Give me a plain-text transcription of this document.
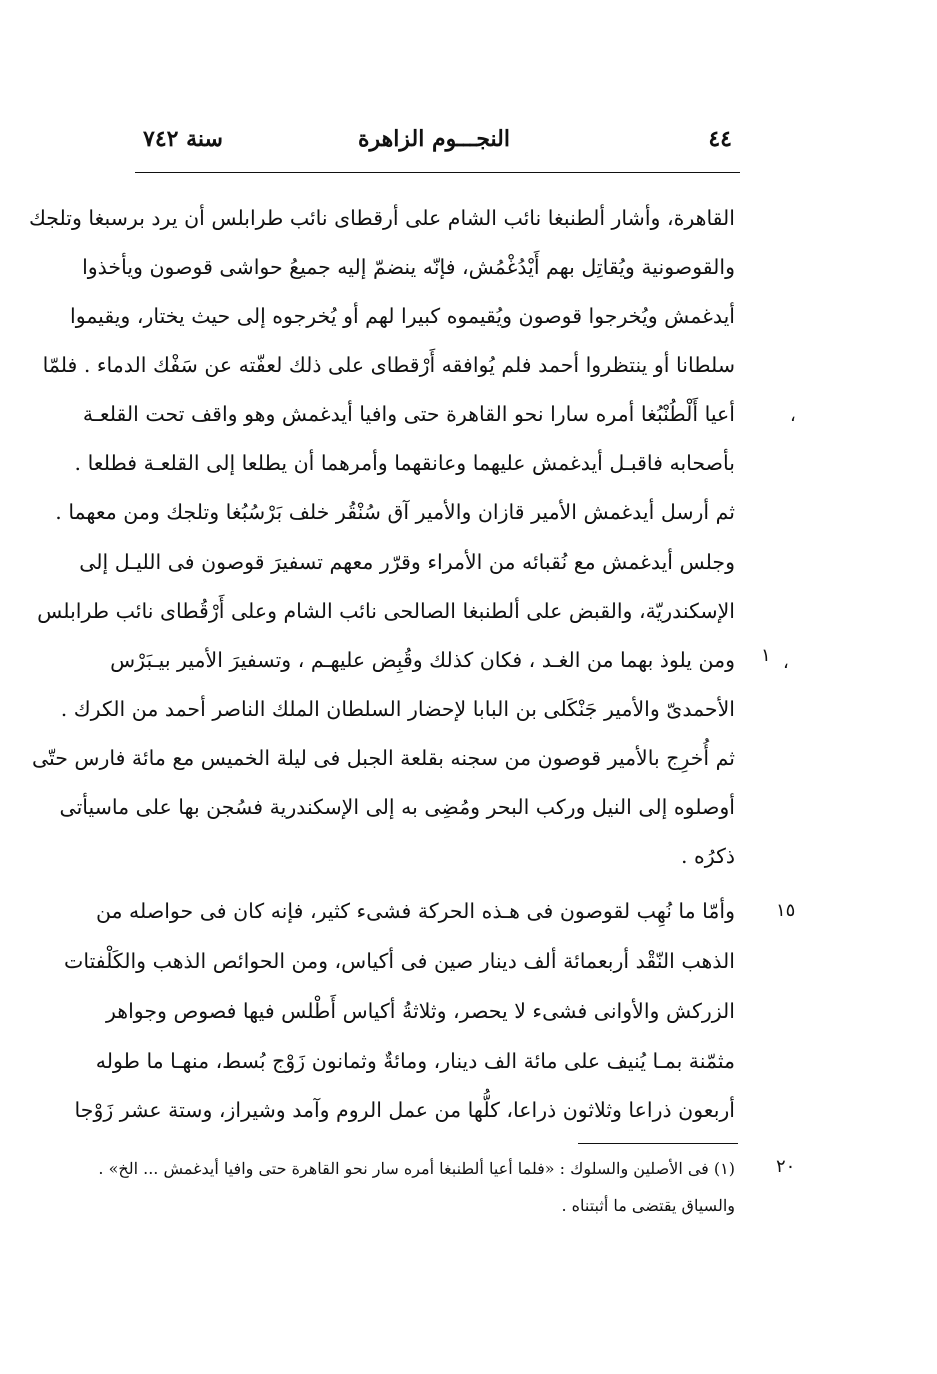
٤٤
النجـــوم الزاهرة
سنة ٧٤٢
القاهرة، وأشار ألطنبغا نائب الشام على أرقطاى نائب طرابلس أن يرد برسبغا وتلجك
والقوصونية ويُقاتِل بهم أَيْدُغْمُش، فإنّه ينضمّ إليه جميعُ حواشى قوصون ويأخذوا
أيدغمش ويُخرجوا قوصون ويُقيموه كبيرا لهم أو يُخرجوه إلى حيث يختار، ويقيموا
سلطانا أو ينتظروا أحمد فلم يُوافقه أَرْقطاى على ذلك لعفّته عن سَفْك الدماء . فلمّا
أعيا أَلْطُنْبُغا أمره سارا نحو القاهرة حتى وافيا أيدغمش وهو واقف تحت القلعـة
بأصحابه فاقبـل أيدغمش عليهما وعانقهما وأمرهما أن يطلعا إلى القلعـة فطلعا .
ثم أرسل أيدغمش الأمير قازان والأمير آق سُنْقُر خلف بَرْسُبُغا وتلجك ومن معهما .
وجلس أيدغمش مع نُقبائه من الأمراء وقرّر معهم تسفيرَ قوصون فى الليـل إلى
الإسكندريّة، والقبض على ألطنبغا الصالحى نائب الشام وعلى أَرْقُطاى نائب طرابلس
ومن يلوذ بهما من الغـد ، فكان كذلك وقُبِض عليهـم ، وتسفيرَ الأمير بيـبَرْس
الأحمدىّ والأمير جَنْكَلى بن البابا لإحضار السلطان الملك الناصر أحمد من الكرك .
ثم أُخرِج بالأمير قوصون من سجنه بقلعة الجبل فى ليلة الخميس مع مائة فارس حتّى
أوصلوه إلى النيل وركب البحر ومُضِى به إلى الإسكندرية فسُجن بها على ماسيأتى
ذكرُه .
وأمّا ما نُهِب لقوصون فى هـذه الحركة فشىء كثير، فإنه كان فى حواصله من
الذهب النّقْد أربعمائة ألف دينار صين فى أكياس، ومن الحوائص الذهب والكَلْفتات
الزركش والأوانى فشىء لا يحصر، وثلاثةُ أكياس أَطْلس فيها فصوص وجواهر
مثمّنة بمـا يُنيف على مائة الف دينار، ومائةٌ وثمانون زَوْج بُسط، منهـا ما طوله
أربعون ذراعا وثلاثون ذراعا، كلُّها من عمل الروم وآمد وشيراز، وستة عشر زَوْجا
،
،
١
١٥
٢٠
(١) فى الأصلين والسلوك : «فلما أعيا ألطنبغا أمره سار نحو القاهرة حتى وافيا أيدغمش ... الخ» .
والسياق يقتضى ما أثبتناه .
